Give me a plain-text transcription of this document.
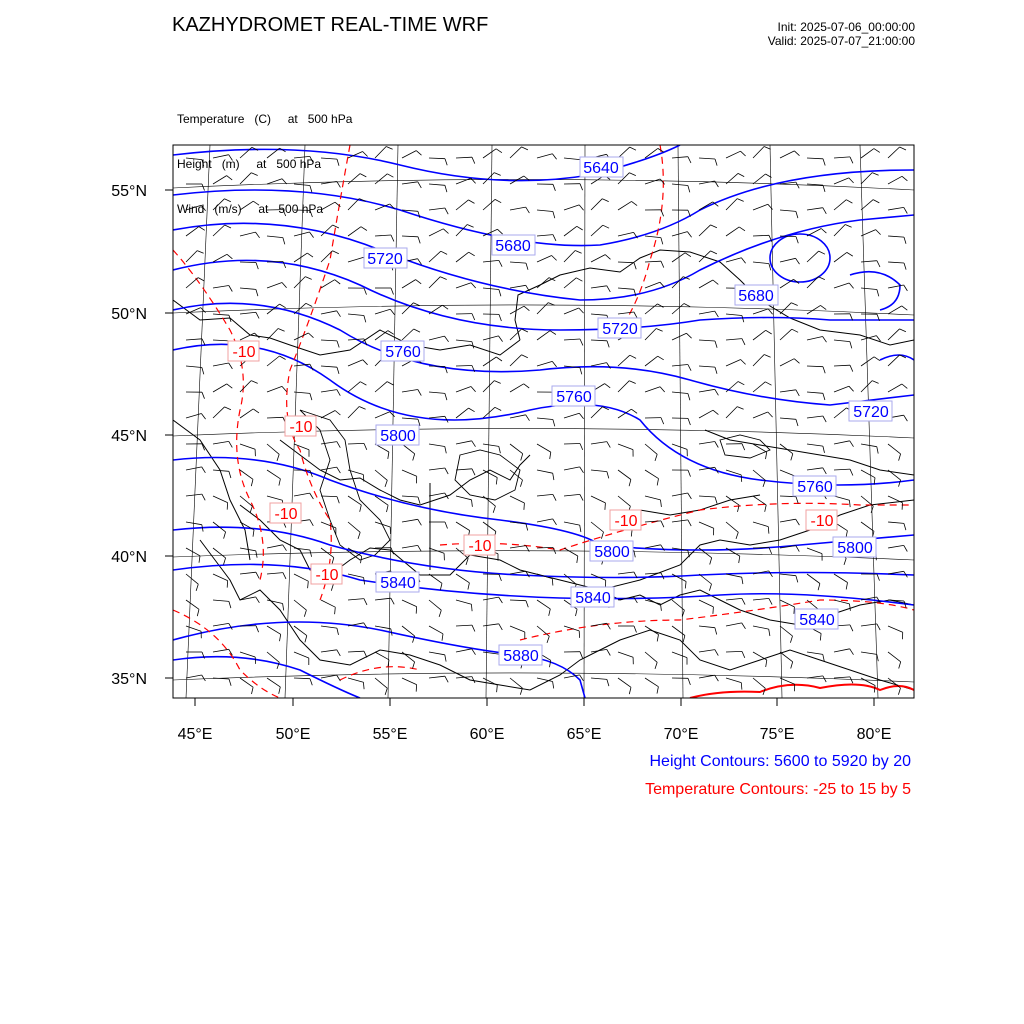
KAZHYDROMET REAL-TIME WRF	Init: 2025-07-06_00:00:00
Valid: 2025-07-07_21:00:00

Temperature   (C)     at   500 hPa

Height   (m)     at   500 hPa

Wind   (m/s)     at   500 hPa

55°N
50°N
45°N
40°N
35°N
45°E	50°E	55°E	60°E	65°E	70°E	75°E	80°E
5640
5680
5720
5680
5720
5760
5760
5720
5800
5760
5800	5800
5840
5840
5840
5880
-10
-10
-10	-10	-10
-10
-10
Height Contours: 5600 to 5920 by 20
Temperature Contours: -25 to 15 by 5
